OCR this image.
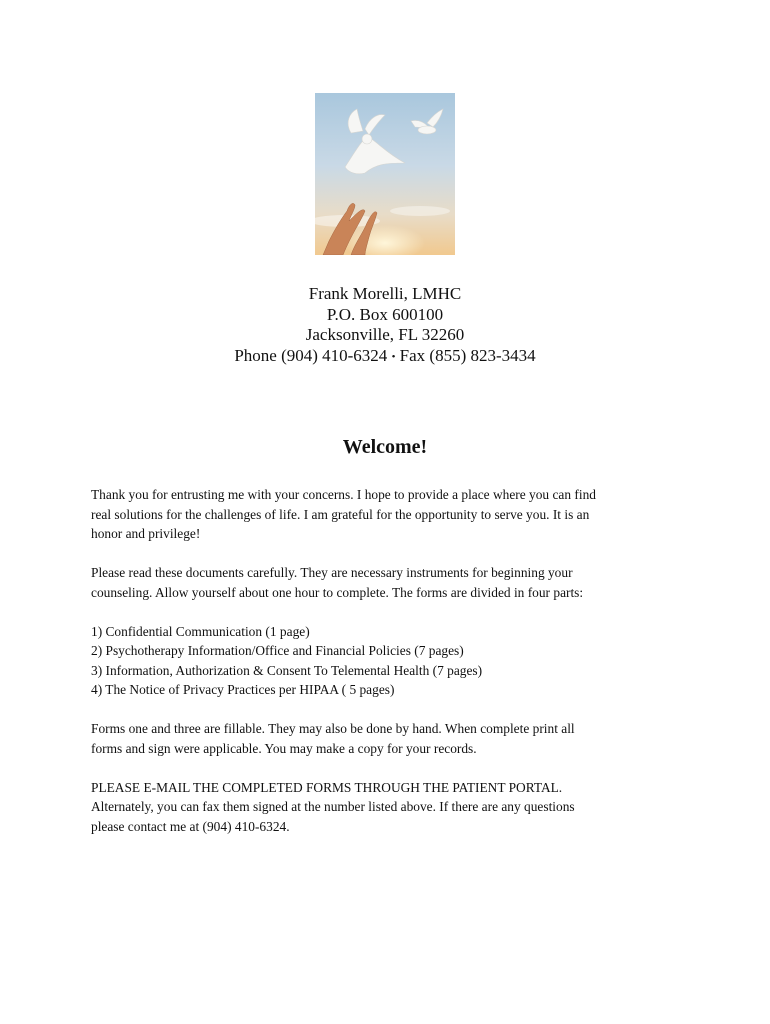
Frank Morelli, LMHC
P.O. Box 600100
Jacksonville, FL 32260
Phone (904) 410-6324 • Fax (855) 823-3434
Welcome!
Thank you for entrusting me with your concerns. I hope to provide a place where you can find
real solutions for the challenges of life. I am grateful for the opportunity to serve you. It is an
honor and privilege!
Please read these documents carefully. They are necessary instruments for beginning your
counseling. Allow yourself about one hour to complete. The forms are divided in four parts:
1) Confidential Communication (1 page)
2) Psychotherapy Information/Office and Financial Policies (7 pages)
3) Information, Authorization & Consent To Telemental Health (7 pages)
4) The Notice of Privacy Practices per HIPAA ( 5 pages)
Forms one and three are fillable. They may also be done by hand. When complete print all
forms and sign were applicable. You may make a copy for your records.
PLEASE E-MAIL THE COMPLETED FORMS THROUGH THE PATIENT PORTAL.
Alternately, you can fax them signed at the number listed above. If there are any questions
please contact me at (904) 410-6324.
